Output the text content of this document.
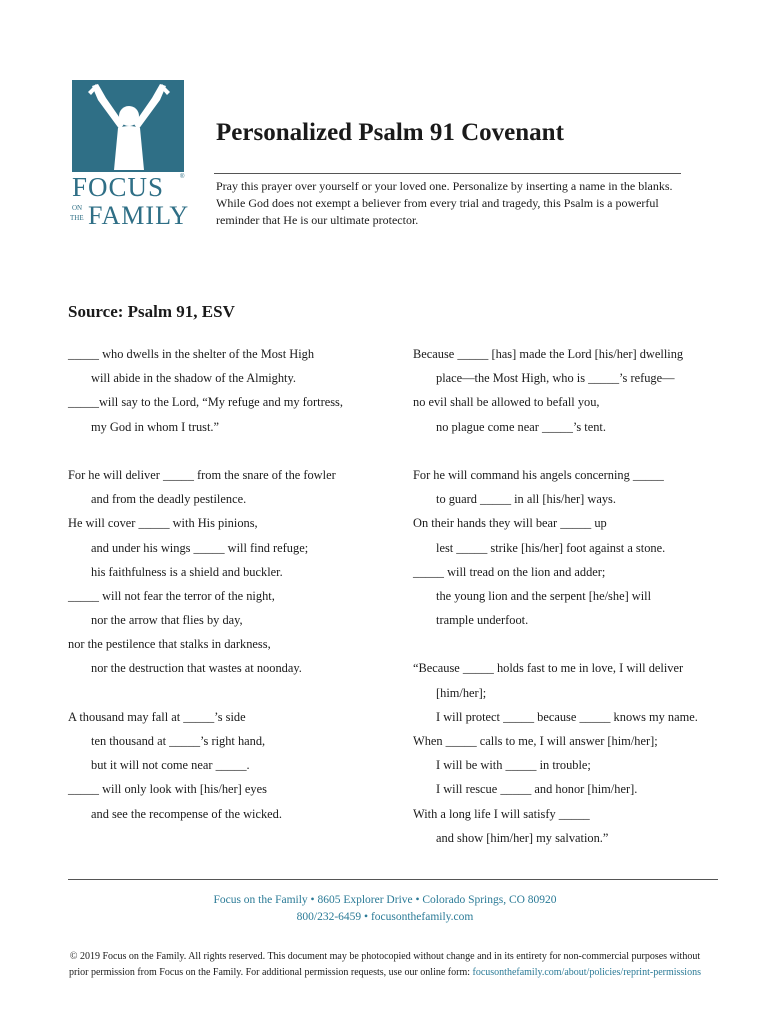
FOCUS	®
ON
THE FAMILY
Personalized Psalm 91 Covenant

Pray this prayer over yourself or your loved one. Personalize by inserting a name in the blanks. While God does not exempt a believer from every trial and tragedy, this Psalm is a powerful reminder that He is our ultimate protector.

Source: Psalm 91, ESV
_____ who dwells in the shelter of the Most High
will abide in the shadow of the Almighty.
_____will say to the Lord, “My refuge and my fortress,
my God in whom I trust.”
For he will deliver _____ from the snare of the fowler
and from the deadly pestilence.
He will cover _____ with His pinions,
and under his wings _____ will find refuge;
his faithfulness is a shield and buckler.
_____ will not fear the terror of the night,
nor the arrow that flies by day,
nor the pestilence that stalks in darkness,
nor the destruction that wastes at noonday.
A thousand may fall at _____’s side
ten thousand at _____’s right hand,
but it will not come near _____.
_____ will only look with [his/her] eyes
and see the recompense of the wicked.
Because _____ [has] made the Lord [his/her] dwelling
place—the Most High, who is _____’s refuge—
no evil shall be allowed to befall you,
no plague come near _____’s tent.
For he will command his angels concerning _____
to guard _____ in all [his/her] ways.
On their hands they will bear _____ up
lest _____ strike [his/her] foot against a stone.
_____ will tread on the lion and adder;
the young lion and the serpent [he/she] will
trample underfoot.
“Because _____ holds fast to me in love, I will deliver
[him/her];
I will protect _____ because _____ knows my name.
When _____ calls to me, I will answer [him/her];
I will be with _____ in trouble;
I will rescue _____ and honor [him/her].
With a long life I will satisfy _____
and show [him/her] my salvation.”

Focus on the Family • 8605 Explorer Drive • Colorado Springs, CO 80920

800/232-6459 • focusonthefamily.com

© 2019 Focus on the Family. All rights reserved. This document may be photocopied without change and in its entirety for non-commercial purposes without

prior permission from Focus on the Family. For additional permission requests, use our online form: focusonthefamily.com/about/policies/reprint-permissions
